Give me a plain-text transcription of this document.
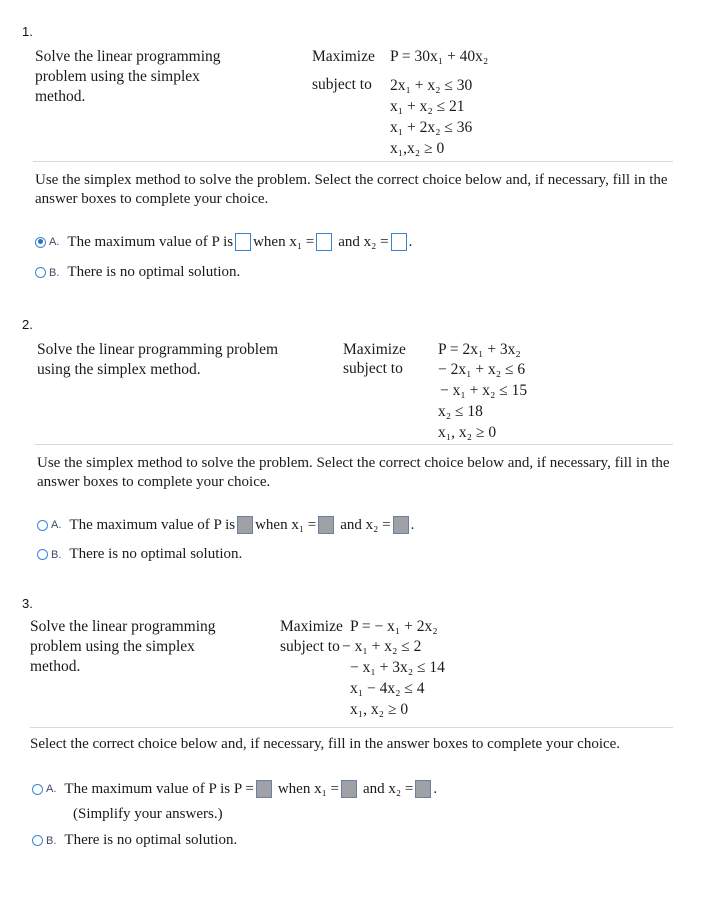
1.
Solve the linear programming
problem using the simplex
method.
Maximize P = 30x₁ + 40x₂
subject to 2x₁ + x₂ ≤ 30
x₁ + x₂ ≤ 21
x₁ + 2x₂ ≤ 36
x₁,x₂ ≥ 0
Use the simplex method to solve the problem. Select the correct choice below and, if necessary, fill in the answer boxes to complete your choice.
A. The maximum value of P is when x₁ = and x₂ = .
B. There is no optimal solution.
2.
Solve the linear programming problem
using the simplex method.
Maximize P = 2x₁ + 3x₂
subject to − 2x₁ + x₂ ≤ 6
− x₁ + x₂ ≤ 15
x₂ ≤ 18
x₁, x₂ ≥ 0
Use the simplex method to solve the problem. Select the correct choice below and, if necessary, fill in the answer boxes to complete your choice.
A. The maximum value of P is when x₁ = and x₂ = .
B. There is no optimal solution.
3.
Solve the linear programming
problem using the simplex
method.
Maximize P = − x₁ + 2x₂
subject to − x₁ + x₂ ≤ 2
− x₁ + 3x₂ ≤ 14
x₁ − 4x₂ ≤ 4
x₁, x₂ ≥ 0
Select the correct choice below and, if necessary, fill in the answer boxes to complete your choice.
A. The maximum value of P is P = when x₁ = and x₂ = .
(Simplify your answers.)
B. There is no optimal solution.
